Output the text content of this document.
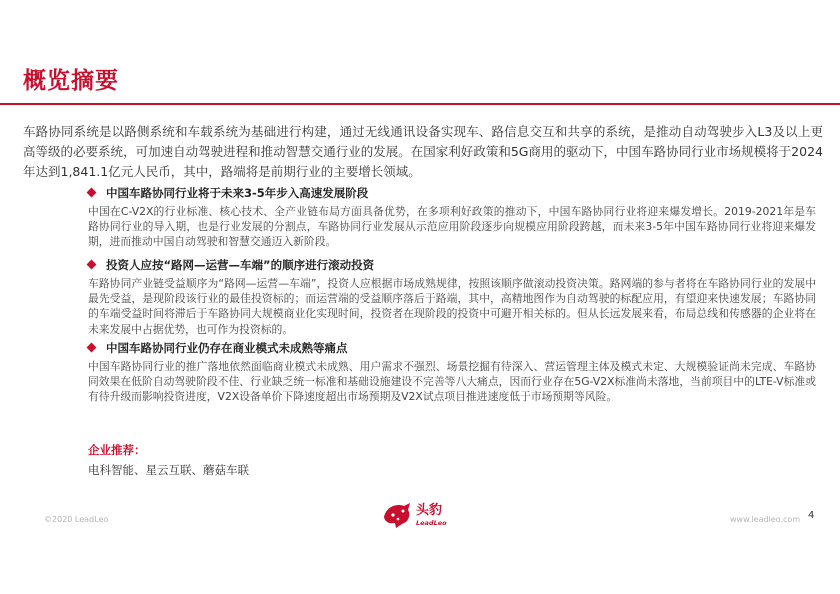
概览摘要
车路协同系统是以路侧系统和车载系统为基础进行构建，通过无线通讯设备实现车、路信息交互和共享的系统，是推动自动驾驶步入L3及以上更高等级的必要系统，可加速自动驾驶进程和推动智慧交通行业的发展。在国家利好政策和5G商用的驱动下，中国车路协同行业市场规模将于2024年达到1,841.1亿元人民币，其中，路端将是前期行业的主要增长领域。
中国车路协同行业将于未来3-5年步入高速发展阶段
中国在C-V2X的行业标准、核心技术、全产业链布局方面具备优势，在多项利好政策的推动下，中国车路协同行业将迎来爆发增长。2019-2021年是车路协同行业的导入期，也是行业发展的分割点，车路协同行业发展从示范应用阶段逐步向规模应用阶段跨越，而未来3-5年中国车路协同行业将迎来爆发期，进而推动中国自动驾驶和智慧交通迈入新阶段。
投资人应按“路网—运营—车端”的顺序进行滚动投资
车路协同产业链受益顺序为“路网—运营—车端”，投资人应根据市场成熟规律，按照该顺序做滚动投资决策。路网端的参与者将在车路协同行业的发展中最先受益，是现阶段该行业的最佳投资标的；而运营端的受益顺序落后于路端，其中，高精地图作为自动驾驶的标配应用，有望迎来快速发展；车路协同的车端受益时间将滞后于车路协同大规模商业化实现时间，投资者在现阶段的投资中可避开相关标的。但从长远发展来看，布局总线和传感器的企业将在未来发展中占据优势，也可作为投资标的。
中国车路协同行业仍存在商业模式未成熟等痛点
中国车路协同行业的推广落地依然面临商业模式未成熟、用户需求不强烈、场景挖掘有待深入、营运管理主体及模式未定、大规模验证尚未完成、车路协同效果在低阶自动驾驶阶段不佳、行业缺乏统一标准和基础设施建设不完善等八大痛点，因而行业存在5G-V2X标准尚未落地，当前项目中的LTE-V标准或有待升级而影响投资进度，V2X设备单价下降速度超出市场预期及V2X试点项目推进速度低于市场预期等风险。
企业推荐：
电科智能、星云互联、蘑菇车联
©2020 LeadLeo
头豹
LeadLeo	www.leadleo.com 4
